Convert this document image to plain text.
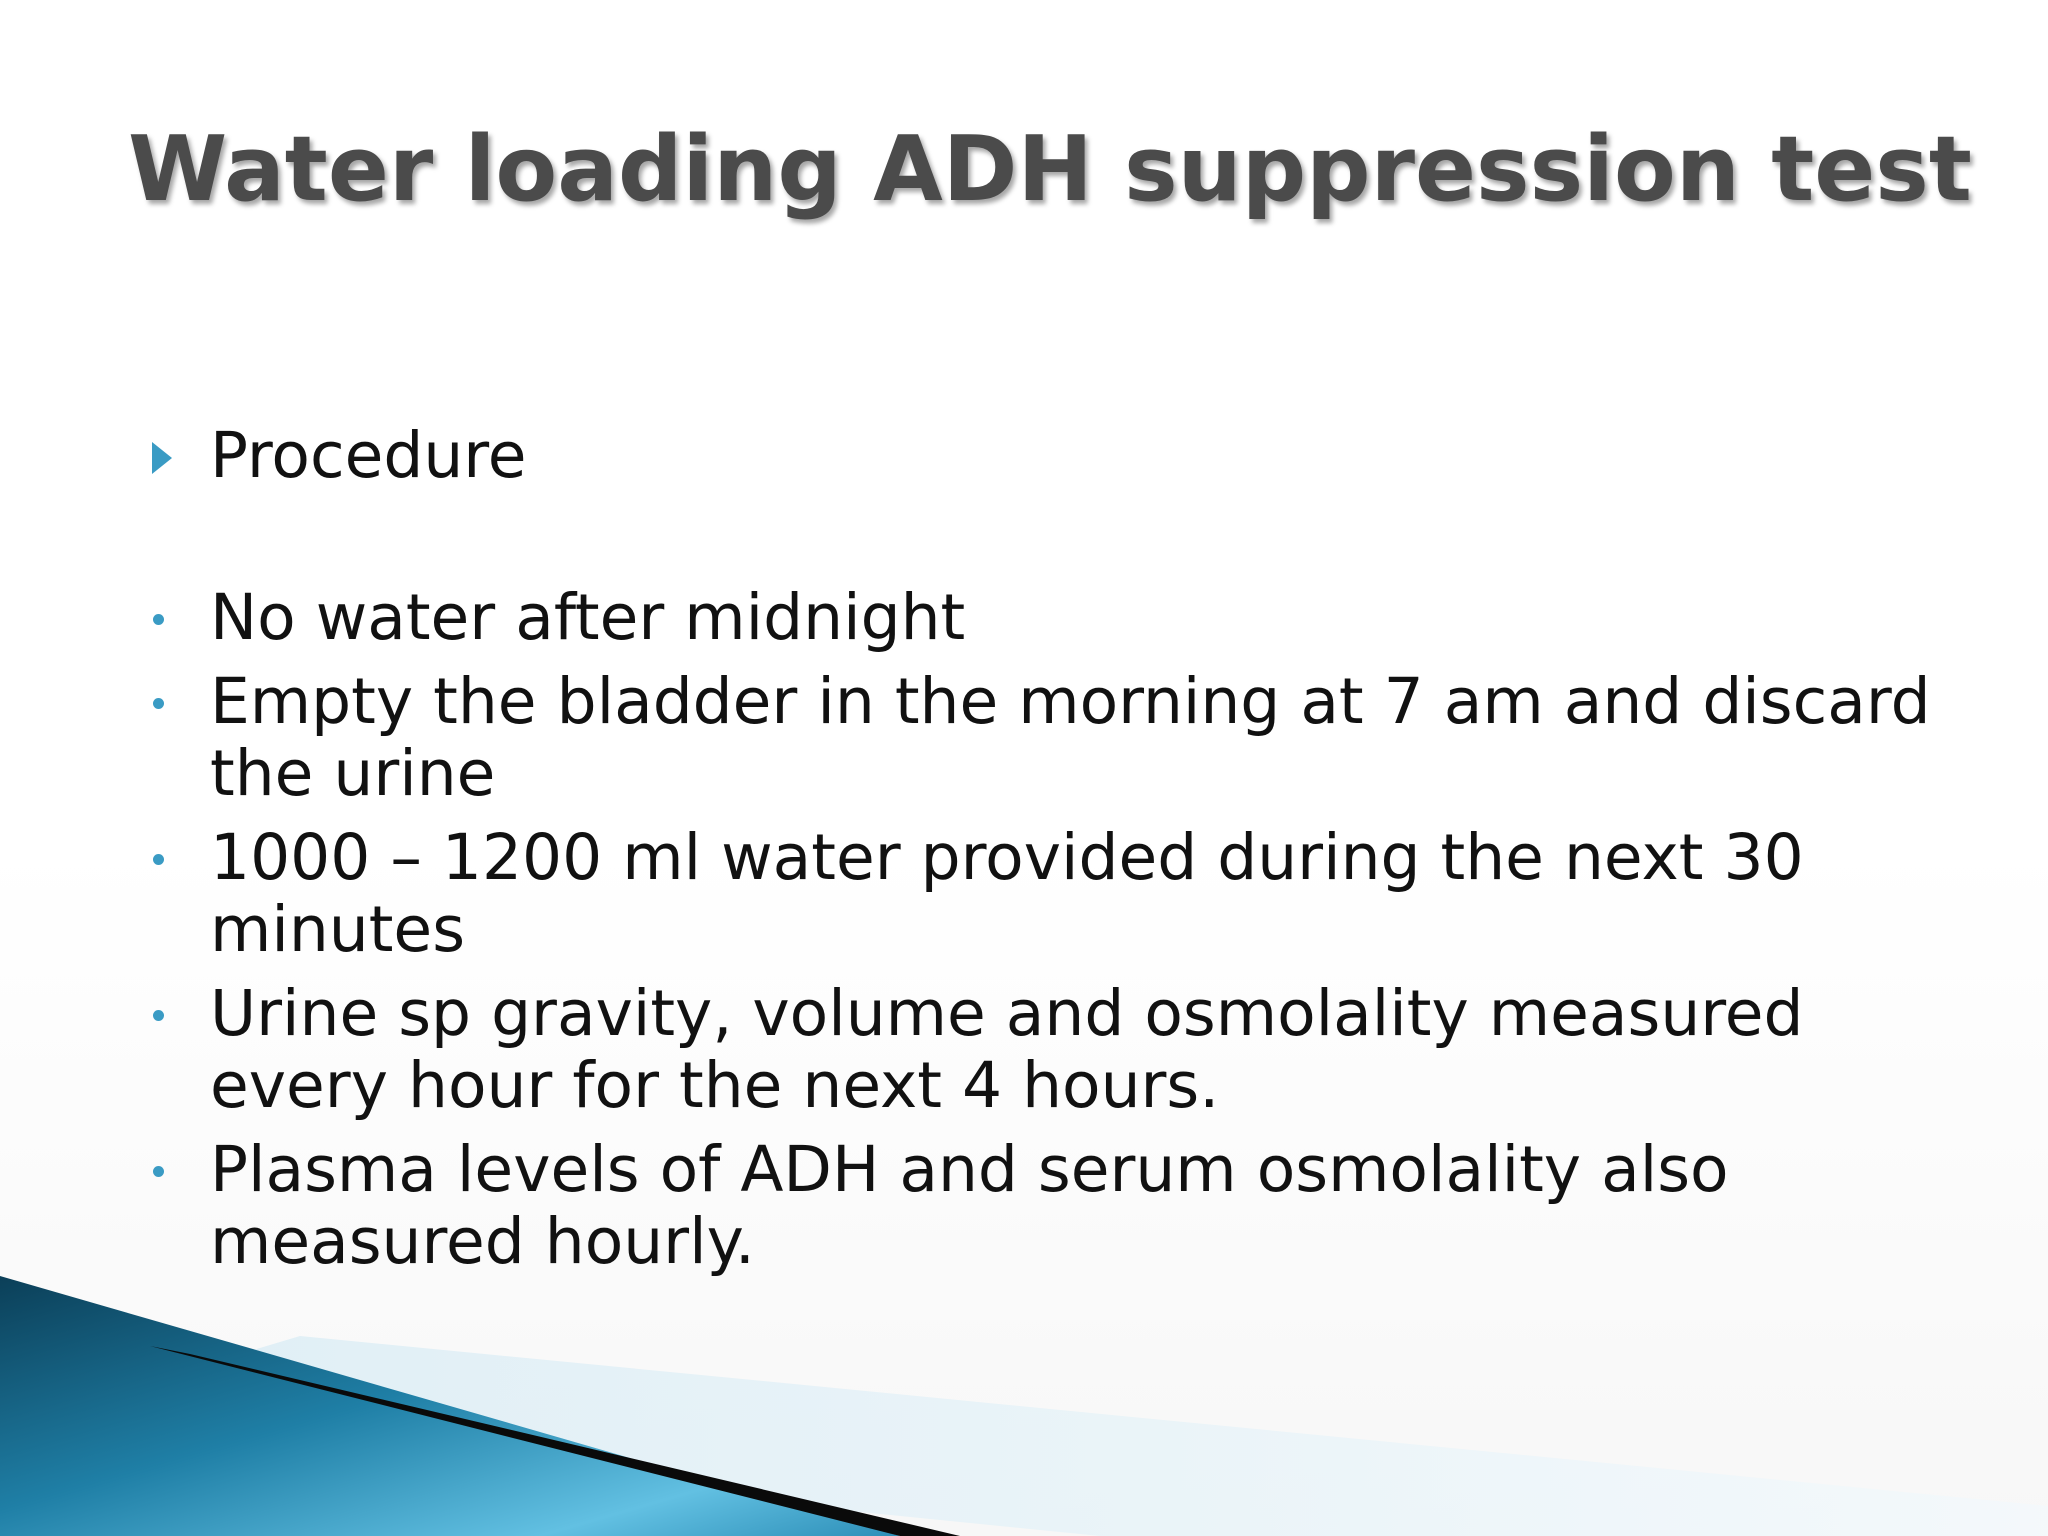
Water loading ADH suppression test
Procedure
No water after midnight
Empty the bladder in the morning at 7 am and discard the urine
1000 – 1200 ml water provided during the next 30 minutes
Urine sp gravity, volume and osmolality measured every hour for the next 4 hours.
Plasma levels of ADH and serum osmolality also measured hourly.
